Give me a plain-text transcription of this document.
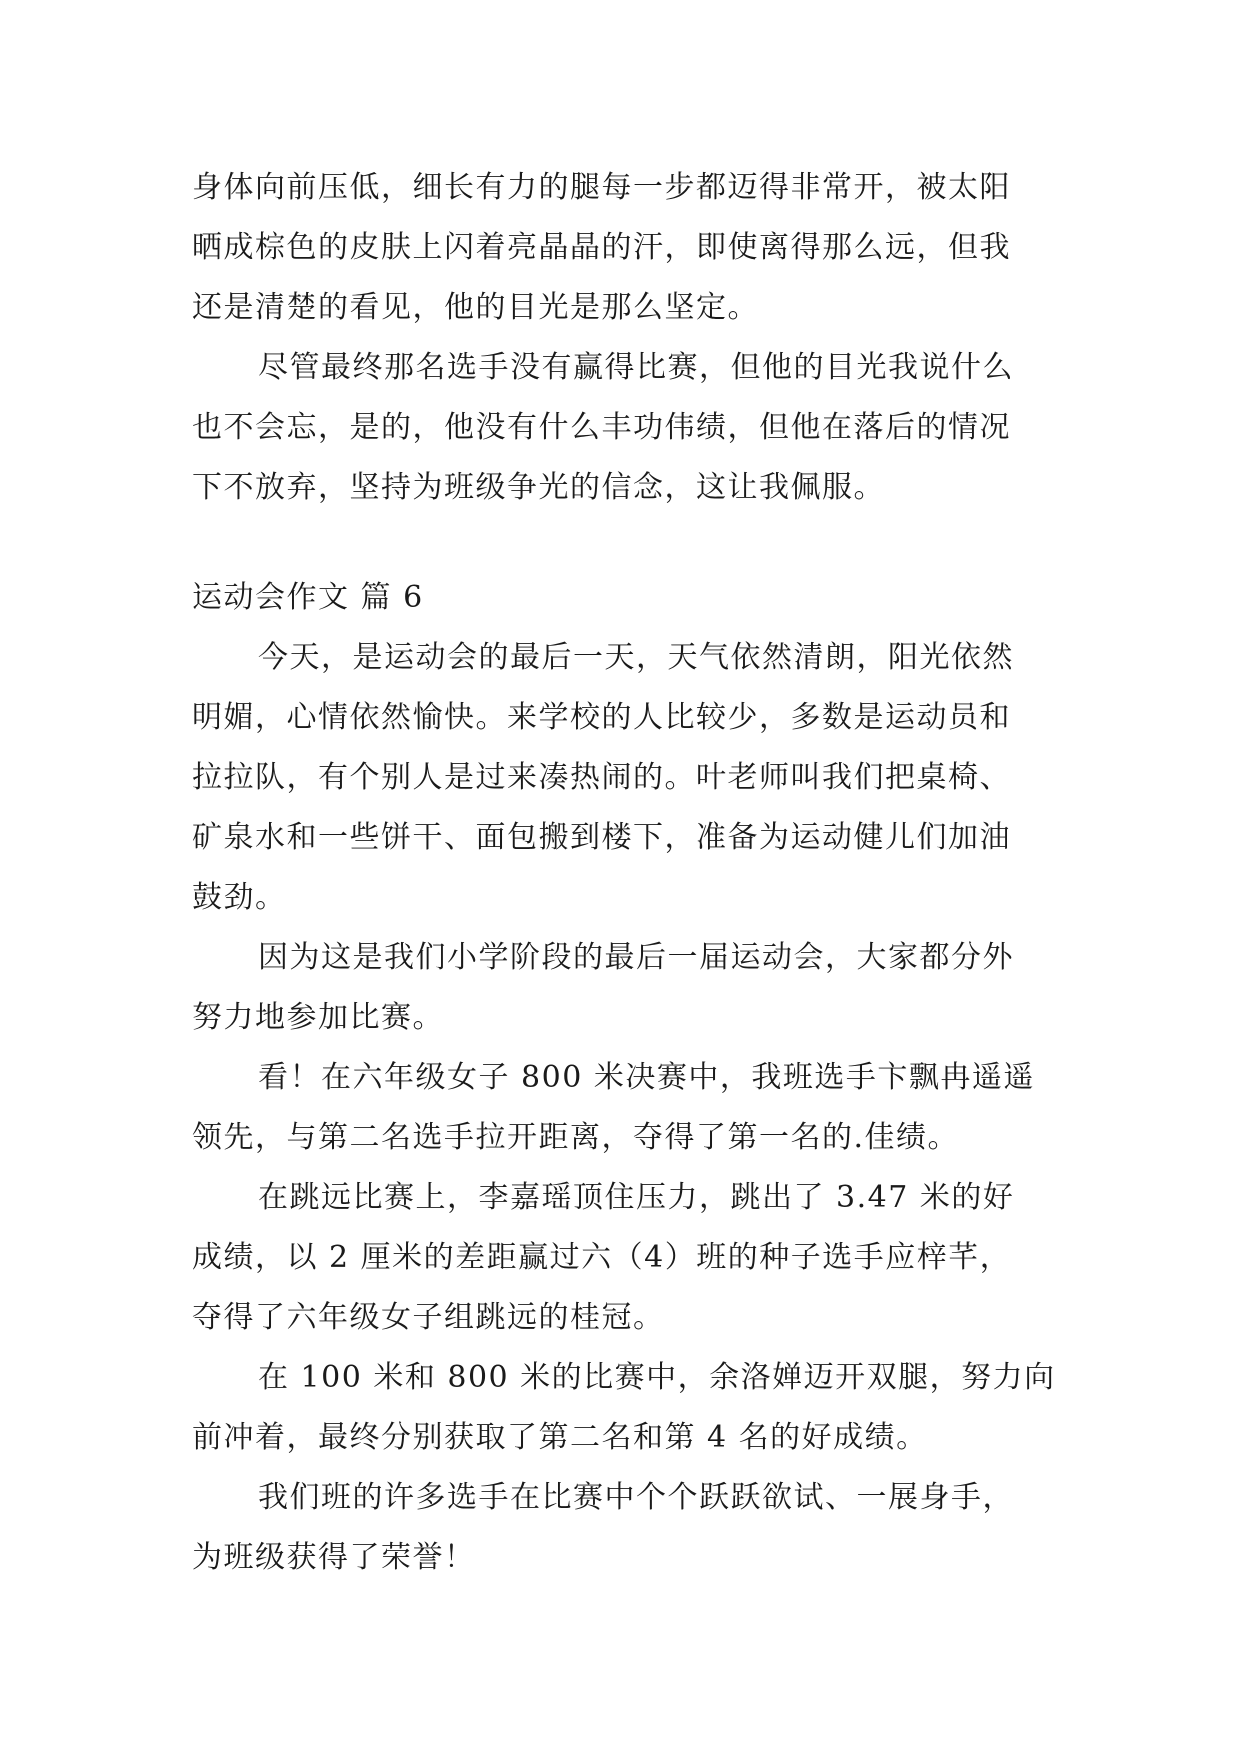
身体向前压低，细长有力的腿每一步都迈得非常开，被太阳
晒成棕色的皮肤上闪着亮晶晶的汗，即使离得那么远，但我
还是清楚的看见，他的目光是那么坚定。
尽管最终那名选手没有赢得比赛，但他的目光我说什么
也不会忘，是的，他没有什么丰功伟绩，但他在落后的情况
下不放弃，坚持为班级争光的信念，这让我佩服。
运动会作文 篇 6
今天，是运动会的最后一天，天气依然清朗，阳光依然
明媚，心情依然愉快。来学校的人比较少，多数是运动员和
拉拉队，有个别人是过来凑热闹的。叶老师叫我们把桌椅、
矿泉水和一些饼干、面包搬到楼下，准备为运动健儿们加油
鼓劲。
因为这是我们小学阶段的最后一届运动会，大家都分外
努力地参加比赛。
看！在六年级女子 800 米决赛中，我班选手卞飘冉遥遥
领先，与第二名选手拉开距离，夺得了第一名的.佳绩。
在跳远比赛上，李嘉瑶顶住压力，跳出了 3.47 米的好
成绩，以 2 厘米的差距赢过六（4）班的种子选手应梓芊，
夺得了六年级女子组跳远的桂冠。
在 100 米和 800 米的比赛中，余洛婵迈开双腿，努力向
前冲着，最终分别获取了第二名和第 4 名的好成绩。
我们班的许多选手在比赛中个个跃跃欲试、一展身手，
为班级获得了荣誉！
